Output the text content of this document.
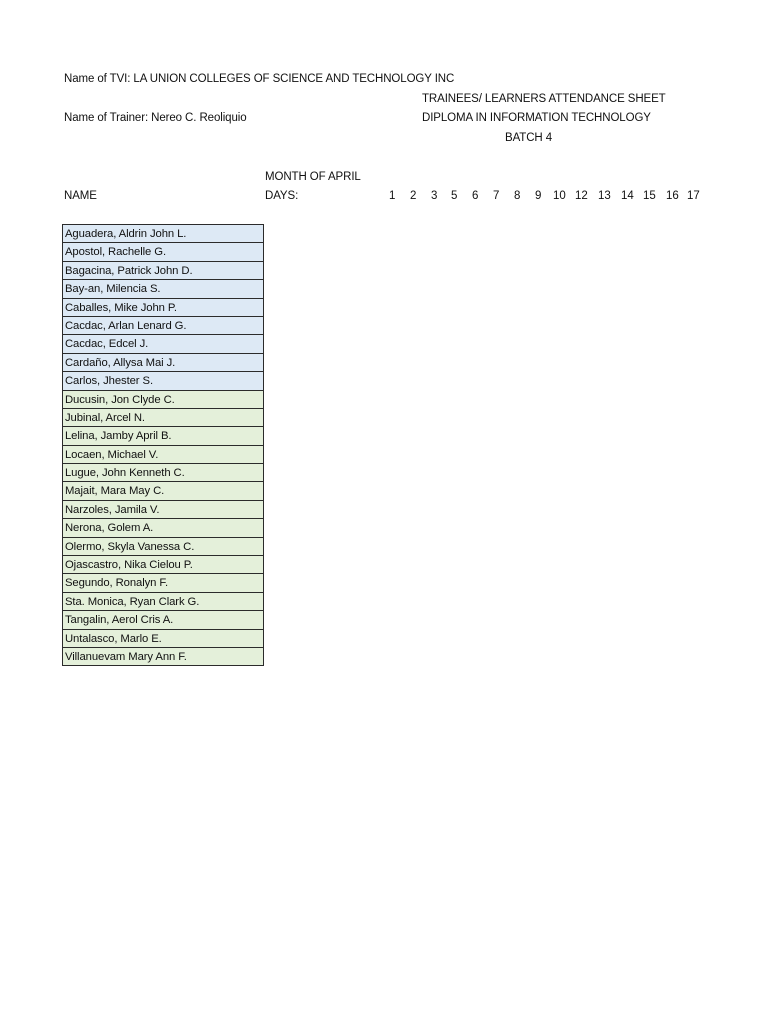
Name of TVI: LA UNION COLLEGES OF SCIENCE AND TECHNOLOGY INC
Name of Trainer: Nereo C. Reoliquio
TRAINEES/ LEARNERS ATTENDANCE SHEET
DIPLOMA IN INFORMATION TECHNOLOGY
BATCH 4
MONTH OF APRIL
DAYS:
NAME	1	2	3	5	6	7	8	9	10 12 13 14 15 16 17
Aguadera, Aldrin John L.
Apostol, Rachelle G.
Bagacina, Patrick John D.
Bay-an, Milencia S.
Caballes, Mike John P.
Cacdac, Arlan Lenard G.
Cacdac, Edcel J.
Cardaño, Allysa Mai J.
Carlos, Jhester S.
Ducusin, Jon Clyde C.
Jubinal, Arcel N.
Lelina, Jamby April B.
Locaen, Michael V.
Lugue, John Kenneth C.
Majait, Mara May C.
Narzoles, Jamila V.
Nerona, Golem A.
Olermo, Skyla Vanessa C.
Ojascastro, Nika Cielou P.
Segundo, Ronalyn F.
Sta. Monica, Ryan Clark G.
Tangalin, Aerol Cris A.
Untalasco, Marlo E.
Villanuevam Mary Ann F.
